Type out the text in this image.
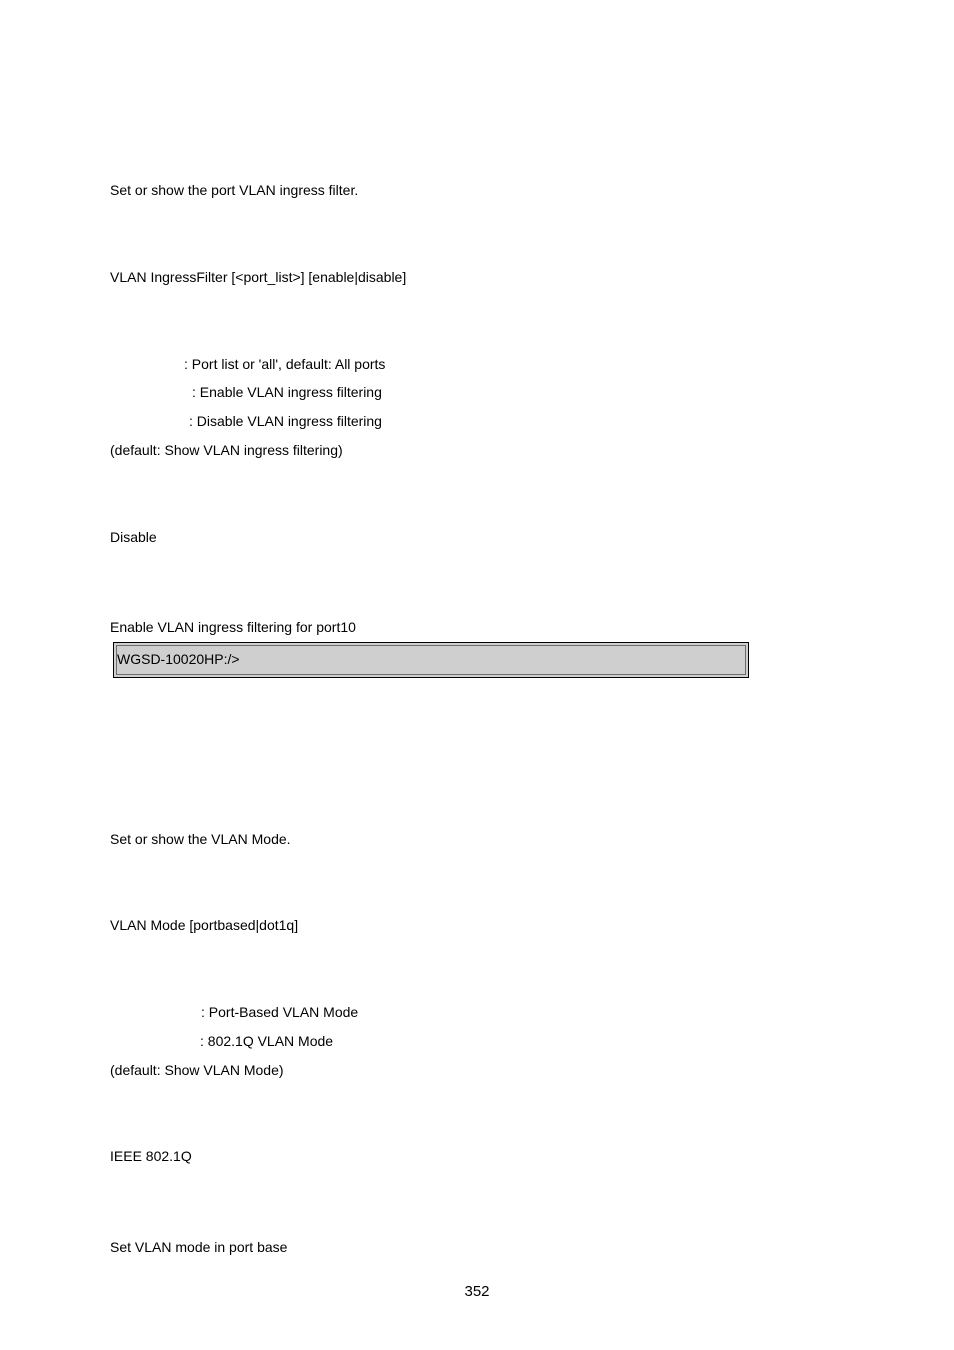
Set or show the port VLAN ingress filter.
VLAN IngressFilter [<port_list>] [enable|disable]
: Port list or 'all', default: All ports
: Enable VLAN ingress filtering
: Disable VLAN ingress filtering
(default: Show VLAN ingress filtering)
Disable
Enable VLAN ingress filtering for port10
WGSD-10020HP:/>
Set or show the VLAN Mode.
VLAN Mode [portbased|dot1q]
: Port-Based VLAN Mode
: 802.1Q VLAN Mode
(default: Show VLAN Mode)
IEEE 802.1Q
Set VLAN mode in port base
352
